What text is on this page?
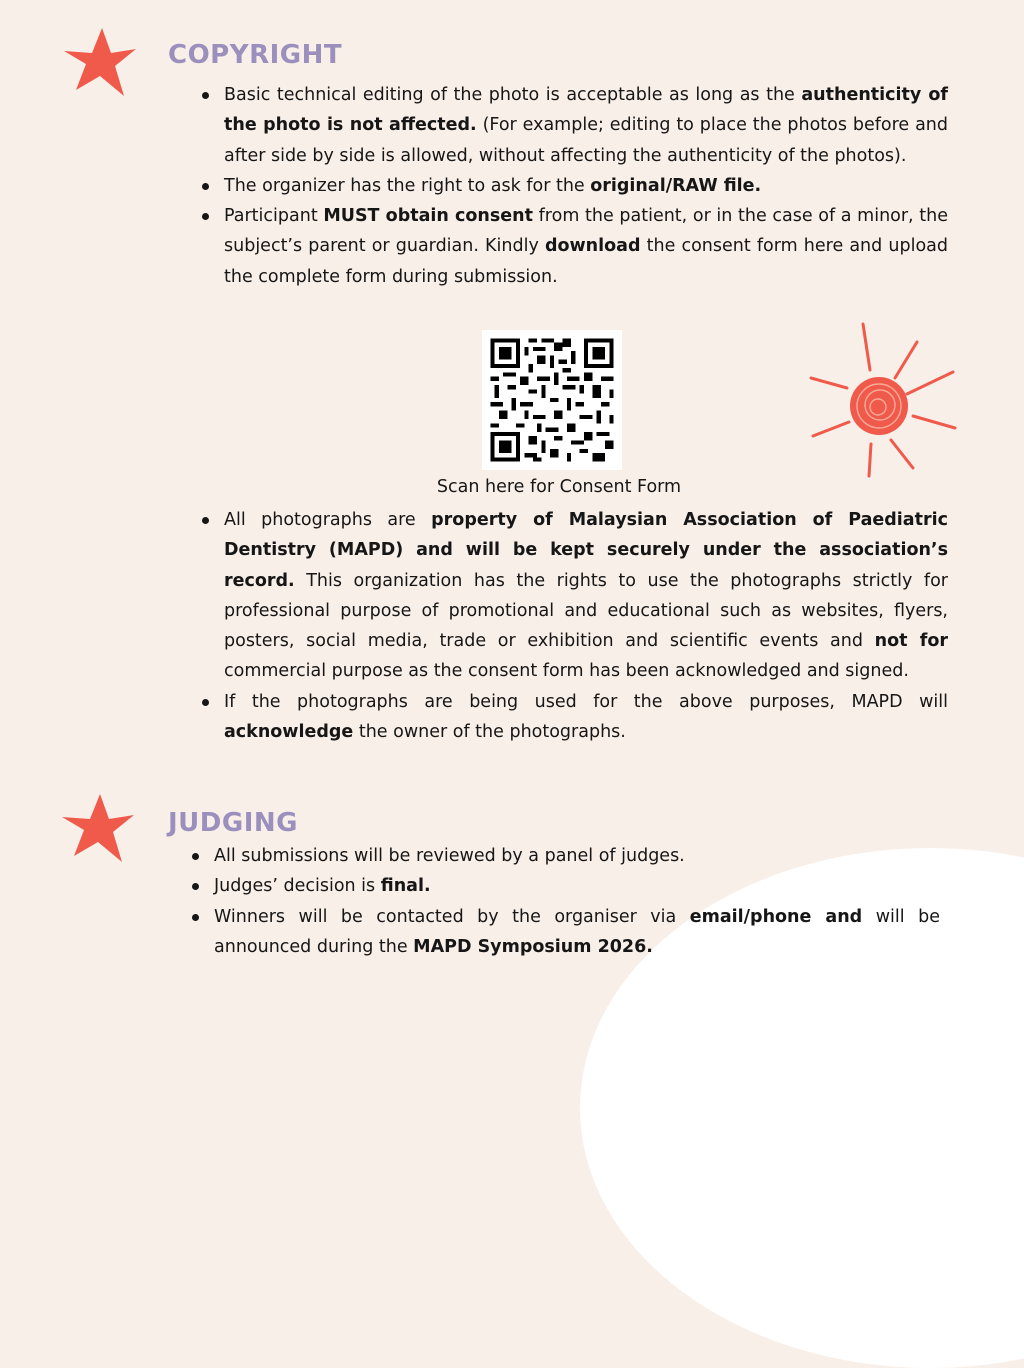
COPYRIGHT
Basic technical editing of the photo is acceptable as long as the authenticity of the photo is not affected. (For example; editing to place the photos before and after side by side is allowed, without affecting the authenticity of the photos).
The organizer has the right to ask for the original/RAW file.
Participant MUST obtain consent from the patient, or in the case of a minor, the subject’s parent or guardian. Kindly download the consent form here and upload the complete form during submission.
Scan here for Consent Form
All photographs are property of Malaysian Association of Paediatric Dentistry (MAPD) and will be kept securely under the association’s record. This organization has the rights to use the photographs strictly for professional purpose of promotional and educational such as websites, flyers, posters, social media, trade or exhibition and scientific events and not for commercial purpose as the consent form has been acknowledged and signed.
If the photographs are being used for the above purposes, MAPD will acknowledge the owner of the photographs.
JUDGING
All submissions will be reviewed by a panel of judges.
Judges’ decision is final.
Winners will be contacted by the organiser via email/phone and will be announced during the MAPD Symposium 2026.
